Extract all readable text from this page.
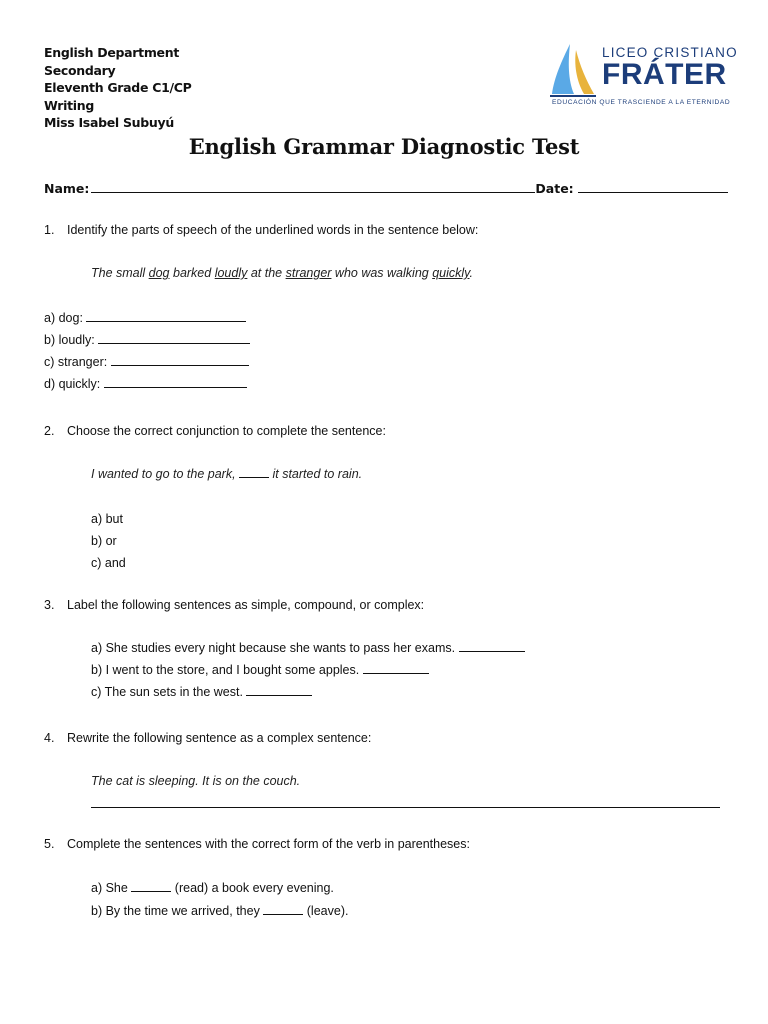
English Department
Secondary
Eleventh Grade C1/CP
Writing
Miss Isabel Subuyú
LICEO CRISTIANO
FRÁTER
EDUCACIÓN QUE TRASCIENDE A LA ETERNIDAD
English Grammar Diagnostic Test
Name:	Date:
1. Identify the parts of speech of the underlined words in the sentence below:
The small dog barked loudly at the stranger who was walking quickly.
a) dog:
b) loudly:
c) stranger:
d) quickly:
2. Choose the correct conjunction to complete the sentence:
I wanted to go to the park,  it started to rain.
a) but
b) or
c) and
3. Label the following sentences as simple, compound, or complex:
a) She studies every night because she wants to pass her exams.
b) I went to the store, and I bought some apples.
c) The sun sets in the west.
4. Rewrite the following sentence as a complex sentence:
The cat is sleeping. It is on the couch.
5. Complete the sentences with the correct form of the verb in parentheses:
a) She	(read) a book every evening.
b) By the time we arrived, they	(leave).
